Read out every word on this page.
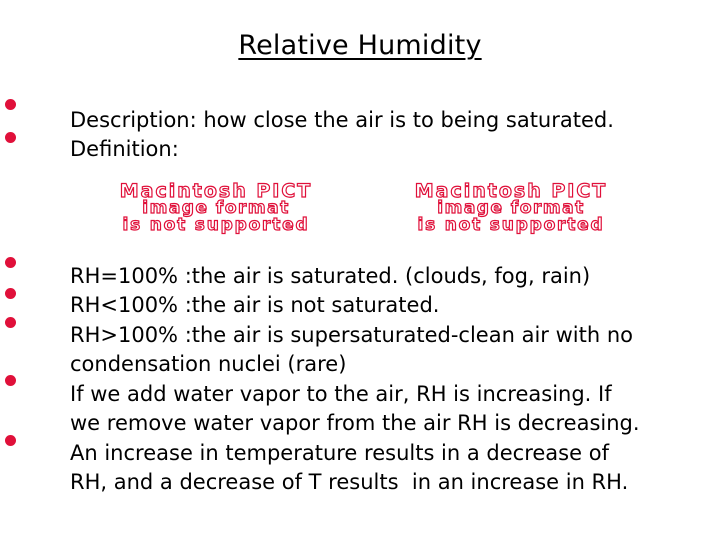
Relative Humidity
Description: how close the air is to being saturated.
Definition:
Macintosh PICT
image format
is not supported
Macintosh PICT
image format
is not supported
RH=100% :the air is saturated. (clouds, fog, rain)
RH<100% :the air is not saturated.
RH>100% :the air is supersaturated-clean air with no
condensation nuclei (rare)
If we add water vapor to the air, RH is increasing. If
we remove water vapor from the air RH is decreasing.
An increase in temperature results in a decrease of
RH, and a decrease of T results  in an increase in RH.
